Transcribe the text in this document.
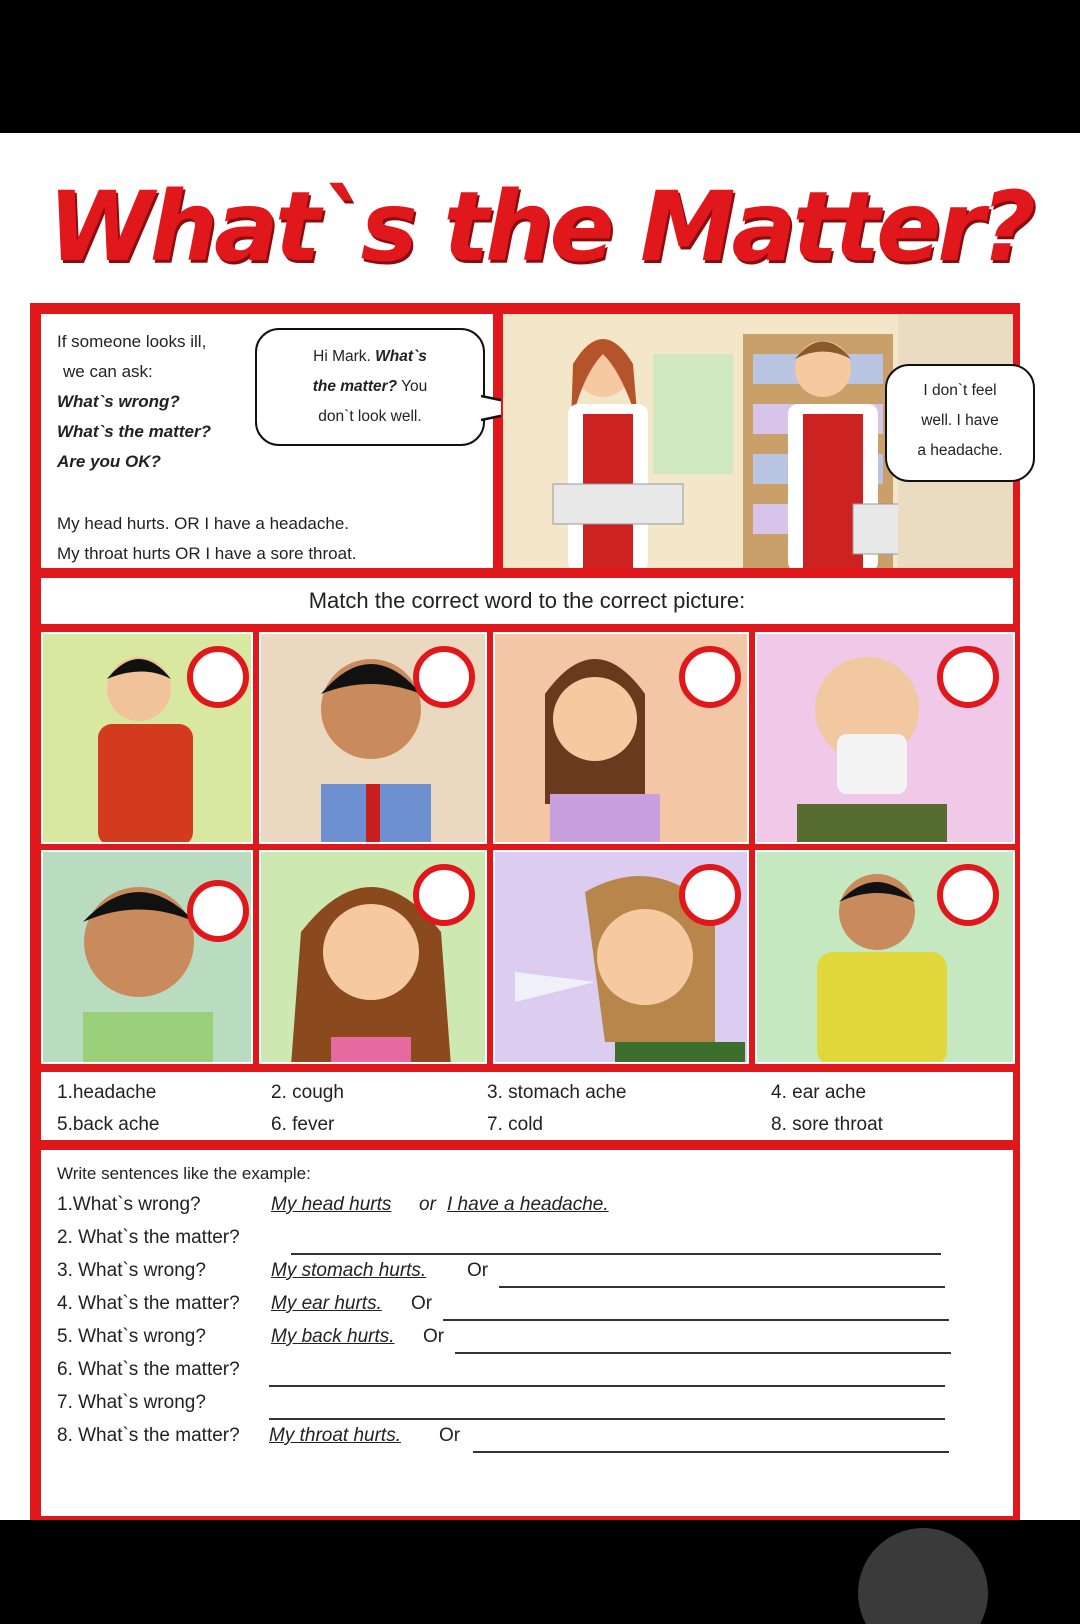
What`s the Matter?

If someone looks ill,

we can ask:

What`s wrong?

What`s the matter?

Are you OK?

My head hurts. OR I have a headache.

My throat hurts OR I have a sore throat.

Hi Mark. What`s
the matter? You
don`t look well.
I don`t feel
well. I have
a headache.
Match the correct word to the correct picture:
1.headache	2. cough	3. stomach ache	4. ear ache
5.back ache	6. fever	7. cold	8. sore throat
Write sentences like the example:
1.What`s wrong?	My head hurts or I have a headache.
2. What`s the matter?
3. What`s wrong?	My stomach hurts. Or
4. What`s the matter? My ear hurts. Or
5. What`s wrong?	My back hurts. Or
6. What`s the matter?
7. What`s wrong?
8. What`s the matter? My throat hurts. Or
